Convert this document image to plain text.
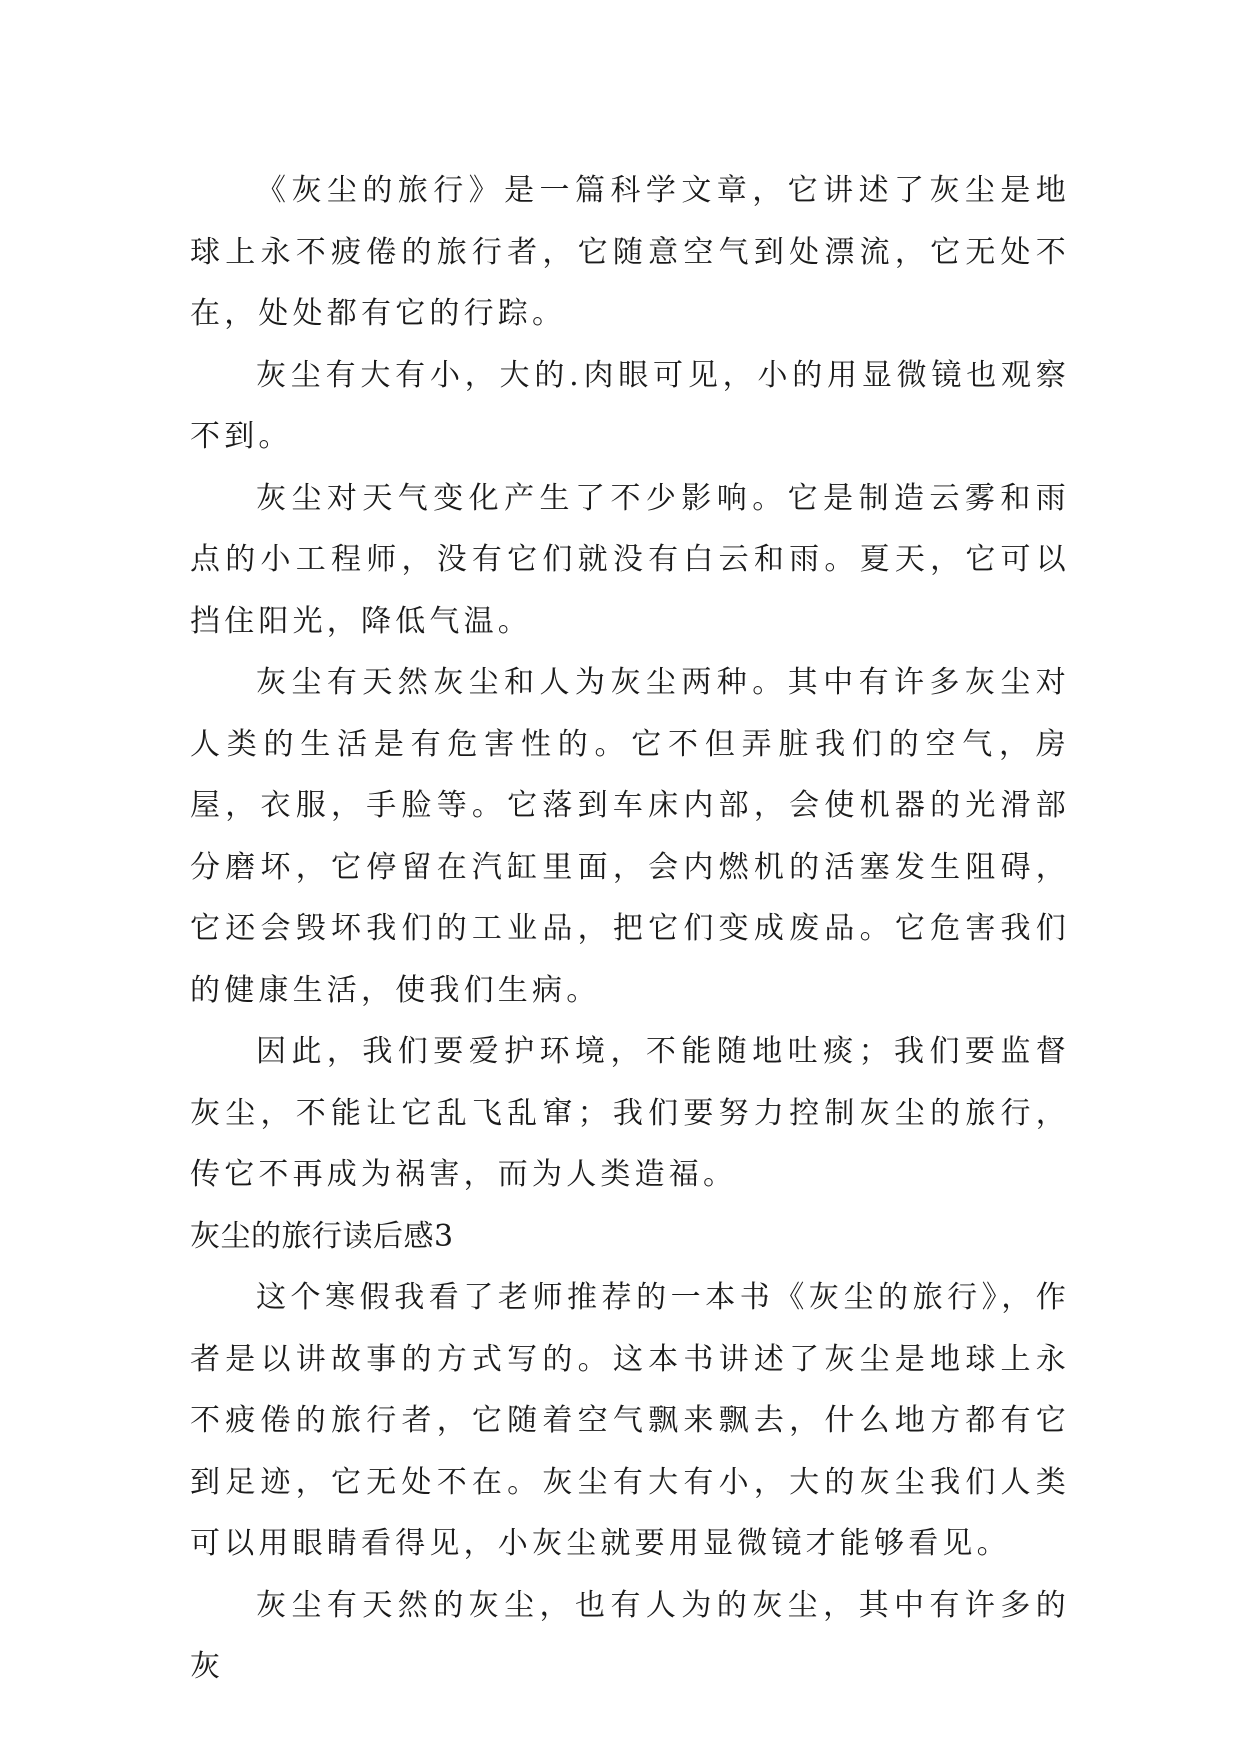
《灰尘的旅行》是一篇科学文章，它讲述了灰尘是地球上永不疲倦的旅行者，它随意空气到处漂流，它无处不在，处处都有它的行踪。

灰尘有大有小，大的.肉眼可见，小的用显微镜也观察不到。

灰尘对天气变化产生了不少影响。它是制造云雾和雨点的小工程师，没有它们就没有白云和雨。夏天，它可以挡住阳光，降低气温。

灰尘有天然灰尘和人为灰尘两种。其中有许多灰尘对人类的生活是有危害性的。它不但弄脏我们的空气，房屋，衣服，手脸等。它落到车床内部，会使机器的光滑部分磨坏，它停留在汽缸里面，会内燃机的活塞发生阻碍，它还会毁坏我们的工业品，把它们变成废品。它危害我们的健康生活，使我们生病。

因此，我们要爱护环境，不能随地吐痰；我们要监督灰尘，不能让它乱飞乱窜；我们要努力控制灰尘的旅行，传它不再成为祸害，而为人类造福。

灰尘的旅行读后感3

这个寒假我看了老师推荐的一本书《灰尘的旅行》，作者是以讲故事的方式写的。这本书讲述了灰尘是地球上永不疲倦的旅行者，它随着空气飘来飘去，什么地方都有它到足迹，它无处不在。灰尘有大有小，大的灰尘我们人类可以用眼睛看得见，小灰尘就要用显微镜才能够看见。

灰尘有天然的灰尘，也有人为的灰尘，其中有许多的灰
